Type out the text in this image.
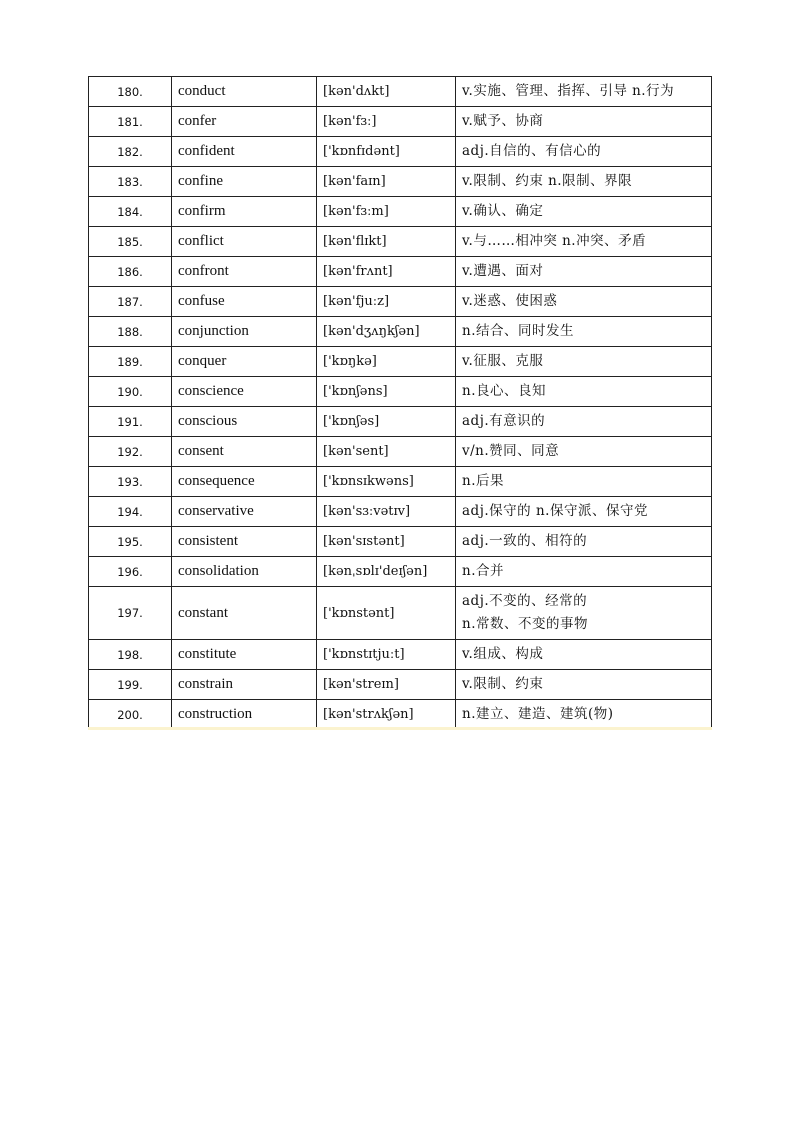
180.	conduct	[kən'dʌkt]	v.实施、管理、指挥、引导 n.行为

181.	confer	[kən'fɜː]	v.赋予、协商

182.	confident	['kɒnfɪdənt]	adj.自信的、有信心的

183.	confine	[kən'faɪn]	v.限制、约束 n.限制、界限

184.	confirm	[kən'fɜːm]	v.确认、确定

185.	conflict	[kən'flɪkt]	v.与……相冲突 n.冲突、矛盾

186.	confront	[kən'frʌnt]	v.遭遇、面对

187.	confuse	[kən'fjuːz]	v.迷惑、使困惑

188.	conjunction	[kən'dʒʌŋkʃən]	n.结合、同时发生

189.	conquer	['kɒŋkə]	v.征服、克服

190.	conscience	['kɒnʃəns]	n.良心、良知

191.	conscious	['kɒnʃəs]	adj.有意识的

192.	consent	[kən'sent]	v/n.赞同、同意

193.	consequence	['kɒnsɪkwəns]	n.后果

194.	conservative	[kən'sɜːvətɪv]	adj.保守的 n.保守派、保守党

195.	consistent	[kən'sɪstənt]	adj.一致的、相符的

196.	consolidation	[kənˌsɒlɪ'deɪʃən]	n.合并

197.	constant	['kɒnstənt]	adj.不变的、经常的
n.常数、不变的事物

198.	constitute	['kɒnstɪtjuːt]	v.组成、构成

199.	constrain	[kən'streɪn]	v.限制、约束

200.	construction	[kən'strʌkʃən]	n.建立、建造、建筑(物)
